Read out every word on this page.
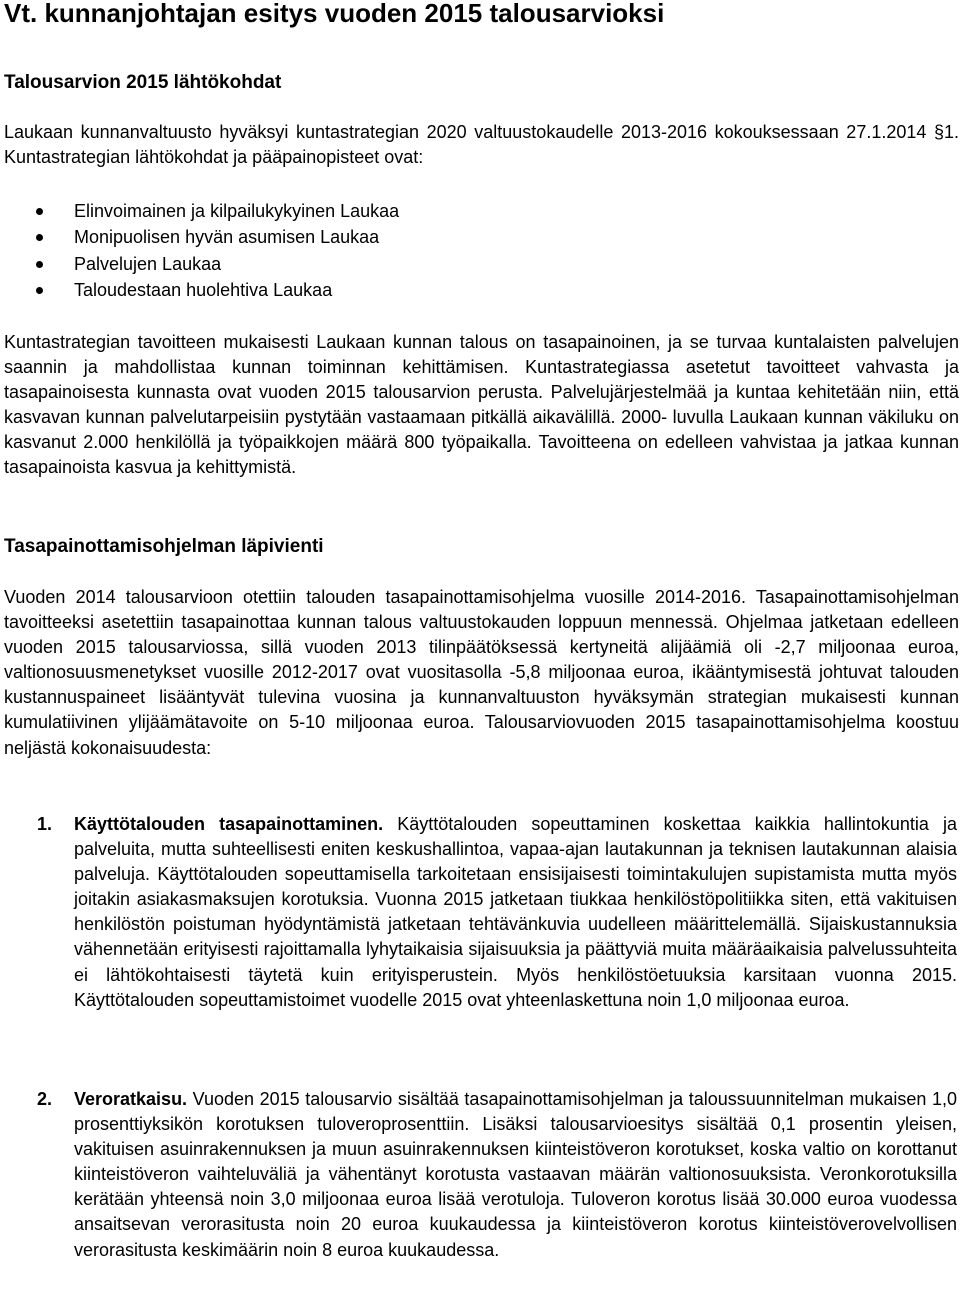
Vt. kunnanjohtajan esitys vuoden 2015 talousarvioksi
Talousarvion 2015 lähtökohdat

Laukaan kunnanvaltuusto hyväksyi kuntastrategian 2020 valtuustokaudelle 2013-2016 kokouksessaan 27.1.2014 §1. Kuntastrategian lähtökohdat ja pääpainopisteet ovat:

Elinvoimainen ja kilpailukykyinen Laukaa
Monipuolisen hyvän asumisen Laukaa
Palvelujen Laukaa
Taloudestaan huolehtiva Laukaa

Kuntastrategian tavoitteen mukaisesti Laukaan kunnan talous on tasapainoinen, ja se turvaa kuntalaisten palvelujen saannin ja mahdollistaa kunnan toiminnan kehittämisen. Kuntastrategiassa asetetut tavoitteet vahvasta ja tasapainoisesta kunnasta ovat vuoden 2015 talousarvion perusta. Palvelujärjestelmää ja kuntaa kehitetään niin, että kasvavan kunnan palvelutarpeisiin pystytään vastaamaan pitkällä aikavälillä. 2000- luvulla Laukaan kunnan väkiluku on kasvanut 2.000 henkilöllä ja työpaikkojen määrä 800 työpaikalla. Tavoitteena on edelleen vahvistaa ja jatkaa kunnan tasapainoista kasvua ja kehittymistä.

Tasapainottamisohjelman läpivienti

Vuoden 2014 talousarvioon otettiin talouden tasapainottamisohjelma vuosille 2014-2016. Tasapainottamisohjelman tavoitteeksi asetettiin tasapainottaa kunnan talous valtuustokauden loppuun mennessä. Ohjelmaa jatketaan edelleen vuoden 2015 talousarviossa, sillä vuoden 2013 tilinpäätöksessä kertyneitä alijäämiä oli -2,7 miljoonaa euroa, valtionosuusmenetykset vuosille 2012-2017 ovat vuositasolla -5,8 miljoonaa euroa, ikääntymisestä johtuvat talouden kustannuspaineet lisääntyvät tulevina vuosina ja kunnanvaltuuston hyväksymän strategian mukaisesti kunnan kumulatiivinen ylijäämätavoite on 5-10 miljoonaa euroa. Talousarviovuoden 2015 tasapainottamisohjelma koostuu neljästä kokonaisuudesta:

1. Käyttötalouden tasapainottaminen. Käyttötalouden sopeuttaminen koskettaa kaikkia hallintokuntia ja palveluita, mutta suhteellisesti eniten keskushallintoa, vapaa-ajan lautakunnan ja teknisen lautakunnan alaisia palveluja. Käyttötalouden sopeuttamisella tarkoitetaan ensisijaisesti toimintakulujen supistamista mutta myös joitakin asiakasmaksujen korotuksia. Vuonna 2015 jatketaan tiukkaa henkilöstöpolitiikka siten, että vakituisen henkilöstön poistuman hyödyntämistä jatketaan tehtävänkuvia uudelleen määrittelemällä. Sijaiskustannuksia vähennetään erityisesti rajoittamalla lyhytaikaisia sijaisuuksia ja päättyviä muita määräaikaisia palvelussuhteita ei lähtökohtaisesti täytetä kuin erityisperustein. Myös henkilöstöetuuksia karsitaan vuonna 2015. Käyttötalouden sopeuttamistoimet vuodelle 2015 ovat yhteenlaskettuna noin 1,0 miljoonaa euroa.

2. Veroratkaisu. Vuoden 2015 talousarvio sisältää tasapainottamisohjelman ja taloussuunnitelman mukaisen 1,0 prosenttiyksikön korotuksen tuloveroprosenttiin. Lisäksi talousarvioesitys sisältää 0,1 prosentin yleisen, vakituisen asuinrakennuksen ja muun asuinrakennuksen kiinteistöveron korotukset, koska valtio on korottanut kiinteistöveron vaihteluväliä ja vähentänyt korotusta vastaavan määrän valtionosuuksista. Veronkorotuksilla kerätään yhteensä noin 3,0 miljoonaa euroa lisää verotuloja. Tuloveron korotus lisää 30.000 euroa vuodessa ansaitsevan verorasitusta noin 20 euroa kuukaudessa ja kiinteistöveron korotus kiinteistöverovelvollisen verorasitusta keskimäärin noin 8 euroa kuukaudessa.
